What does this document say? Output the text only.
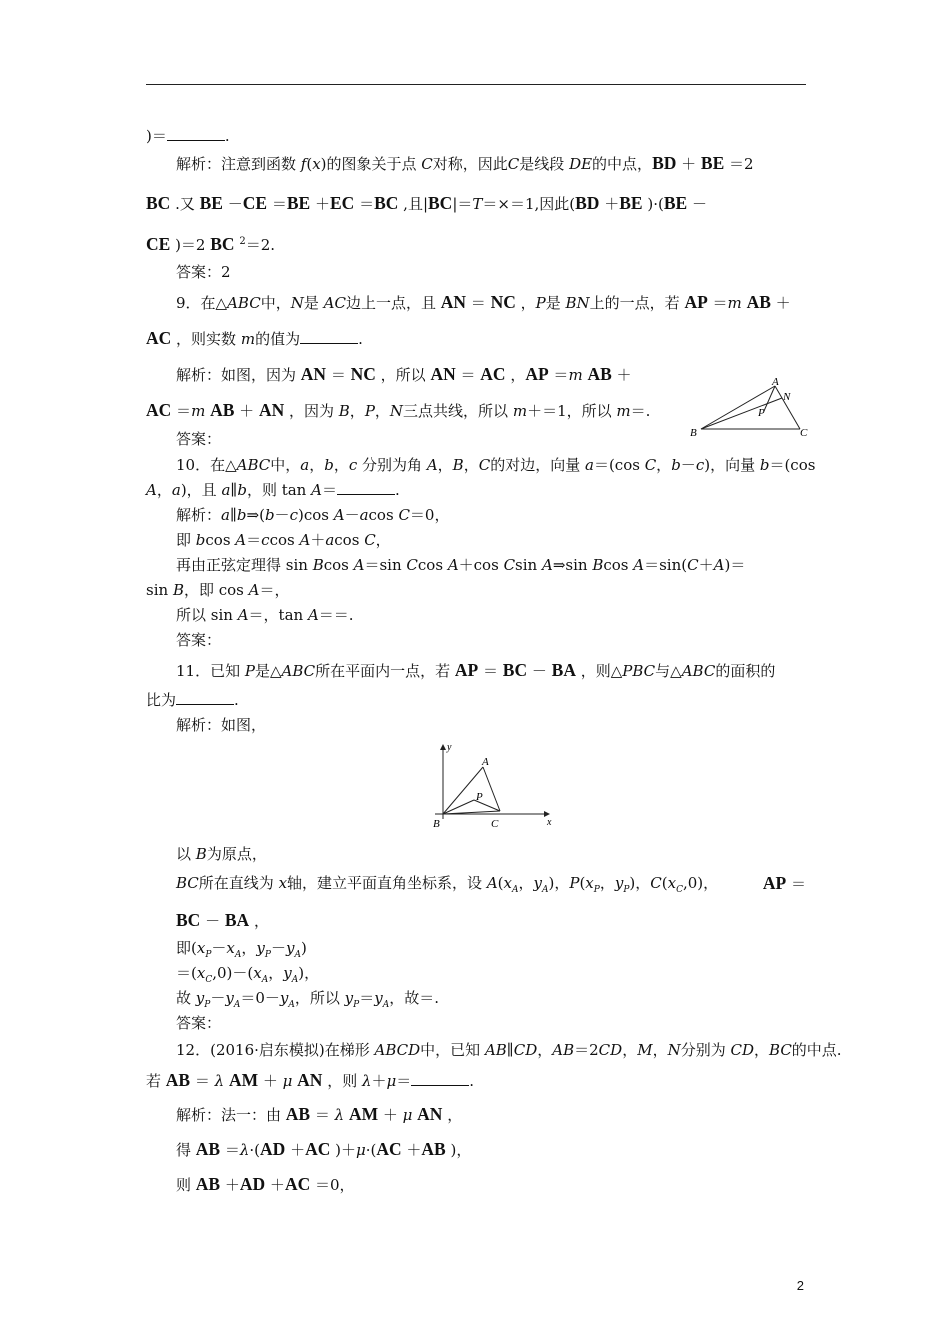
)＝	.
解析：注意到函数 f(x)的图象关于点 C对称，因此C是线段 DE的中点，BD ＋ BE ＝2
BC .又 BE －CE ＝BE ＋EC ＝BC ,且|BC|＝T＝×＝1,因此(BD ＋BE )·(BE －
CE )＝2 BC $^2$＝2.
答案：2
9．在△ABC中，N是 AC边上一点，且 AN ＝ NC ，P是 BN上的一点，若 AP ＝m AB ＋
AC ，则实数 m的值为	.
解析：如图，因为 AN ＝ NC ，所以 AN ＝ AC ，AP ＝m AB ＋
AC ＝m AB ＋ AN ，因为 B，P，N三点共线，所以 m＋＝1，所以 m＝.
答案：
10．在△ABC中，a，b，c 分别为角 A，B，C的对边，向量 a＝(cos C，b－c)，向量 b＝(cos
A，a)，且 a∥b，则 tan A＝	.
解析：a∥b⇒(b－c)cos A－acos C＝0，
即 bcos A＝ccos A＋acos C，
再由正弦定理得 sin Bcos A＝sin Ccos A＋cos Csin A⇒sin Bcos A＝sin(C＋A)＝
sin B，即 cos A＝，
所以 sin A＝，tan A＝＝.
答案：
11．已知 P是△ABC所在平面内一点，若 AP ＝ BC － BA ，则△PBC与△ABC的面积的
比为	.
解析：如图，
以 B为原点，
BC所在直线为 x轴，建立平面直角坐标系，设 $A(x_A$，$y_A$)，$P(x_P$，$y_P$)，$C(x_C,0)$，
BC － BA ，
即($x_P-x_A$，$y_P-y_A$)
$=(x_C,0)-(x_A$，$y_A$)，
故 $y_P-y_A=0-y_A$，所以 $y_P=y_A$，故＝.
答案：
12．(2016·启东模拟)在梯形 ABCD中，已知 AB∥CD，AB＝2CD，M，N分别为 CD，BC的中点.
若 AB ＝ λ AM ＋ μ AN ，则 λ＋μ＝	.
解析：法一：由 AB ＝ λ AM ＋ μ AN ，
得 AB ＝λ·(AD ＋AC )＋μ·(AC ＋AB )，
则 AB ＋AD ＋AC ＝0，
AP ＝
A
N
P
B	C
y
A
P
B	C	x
2
